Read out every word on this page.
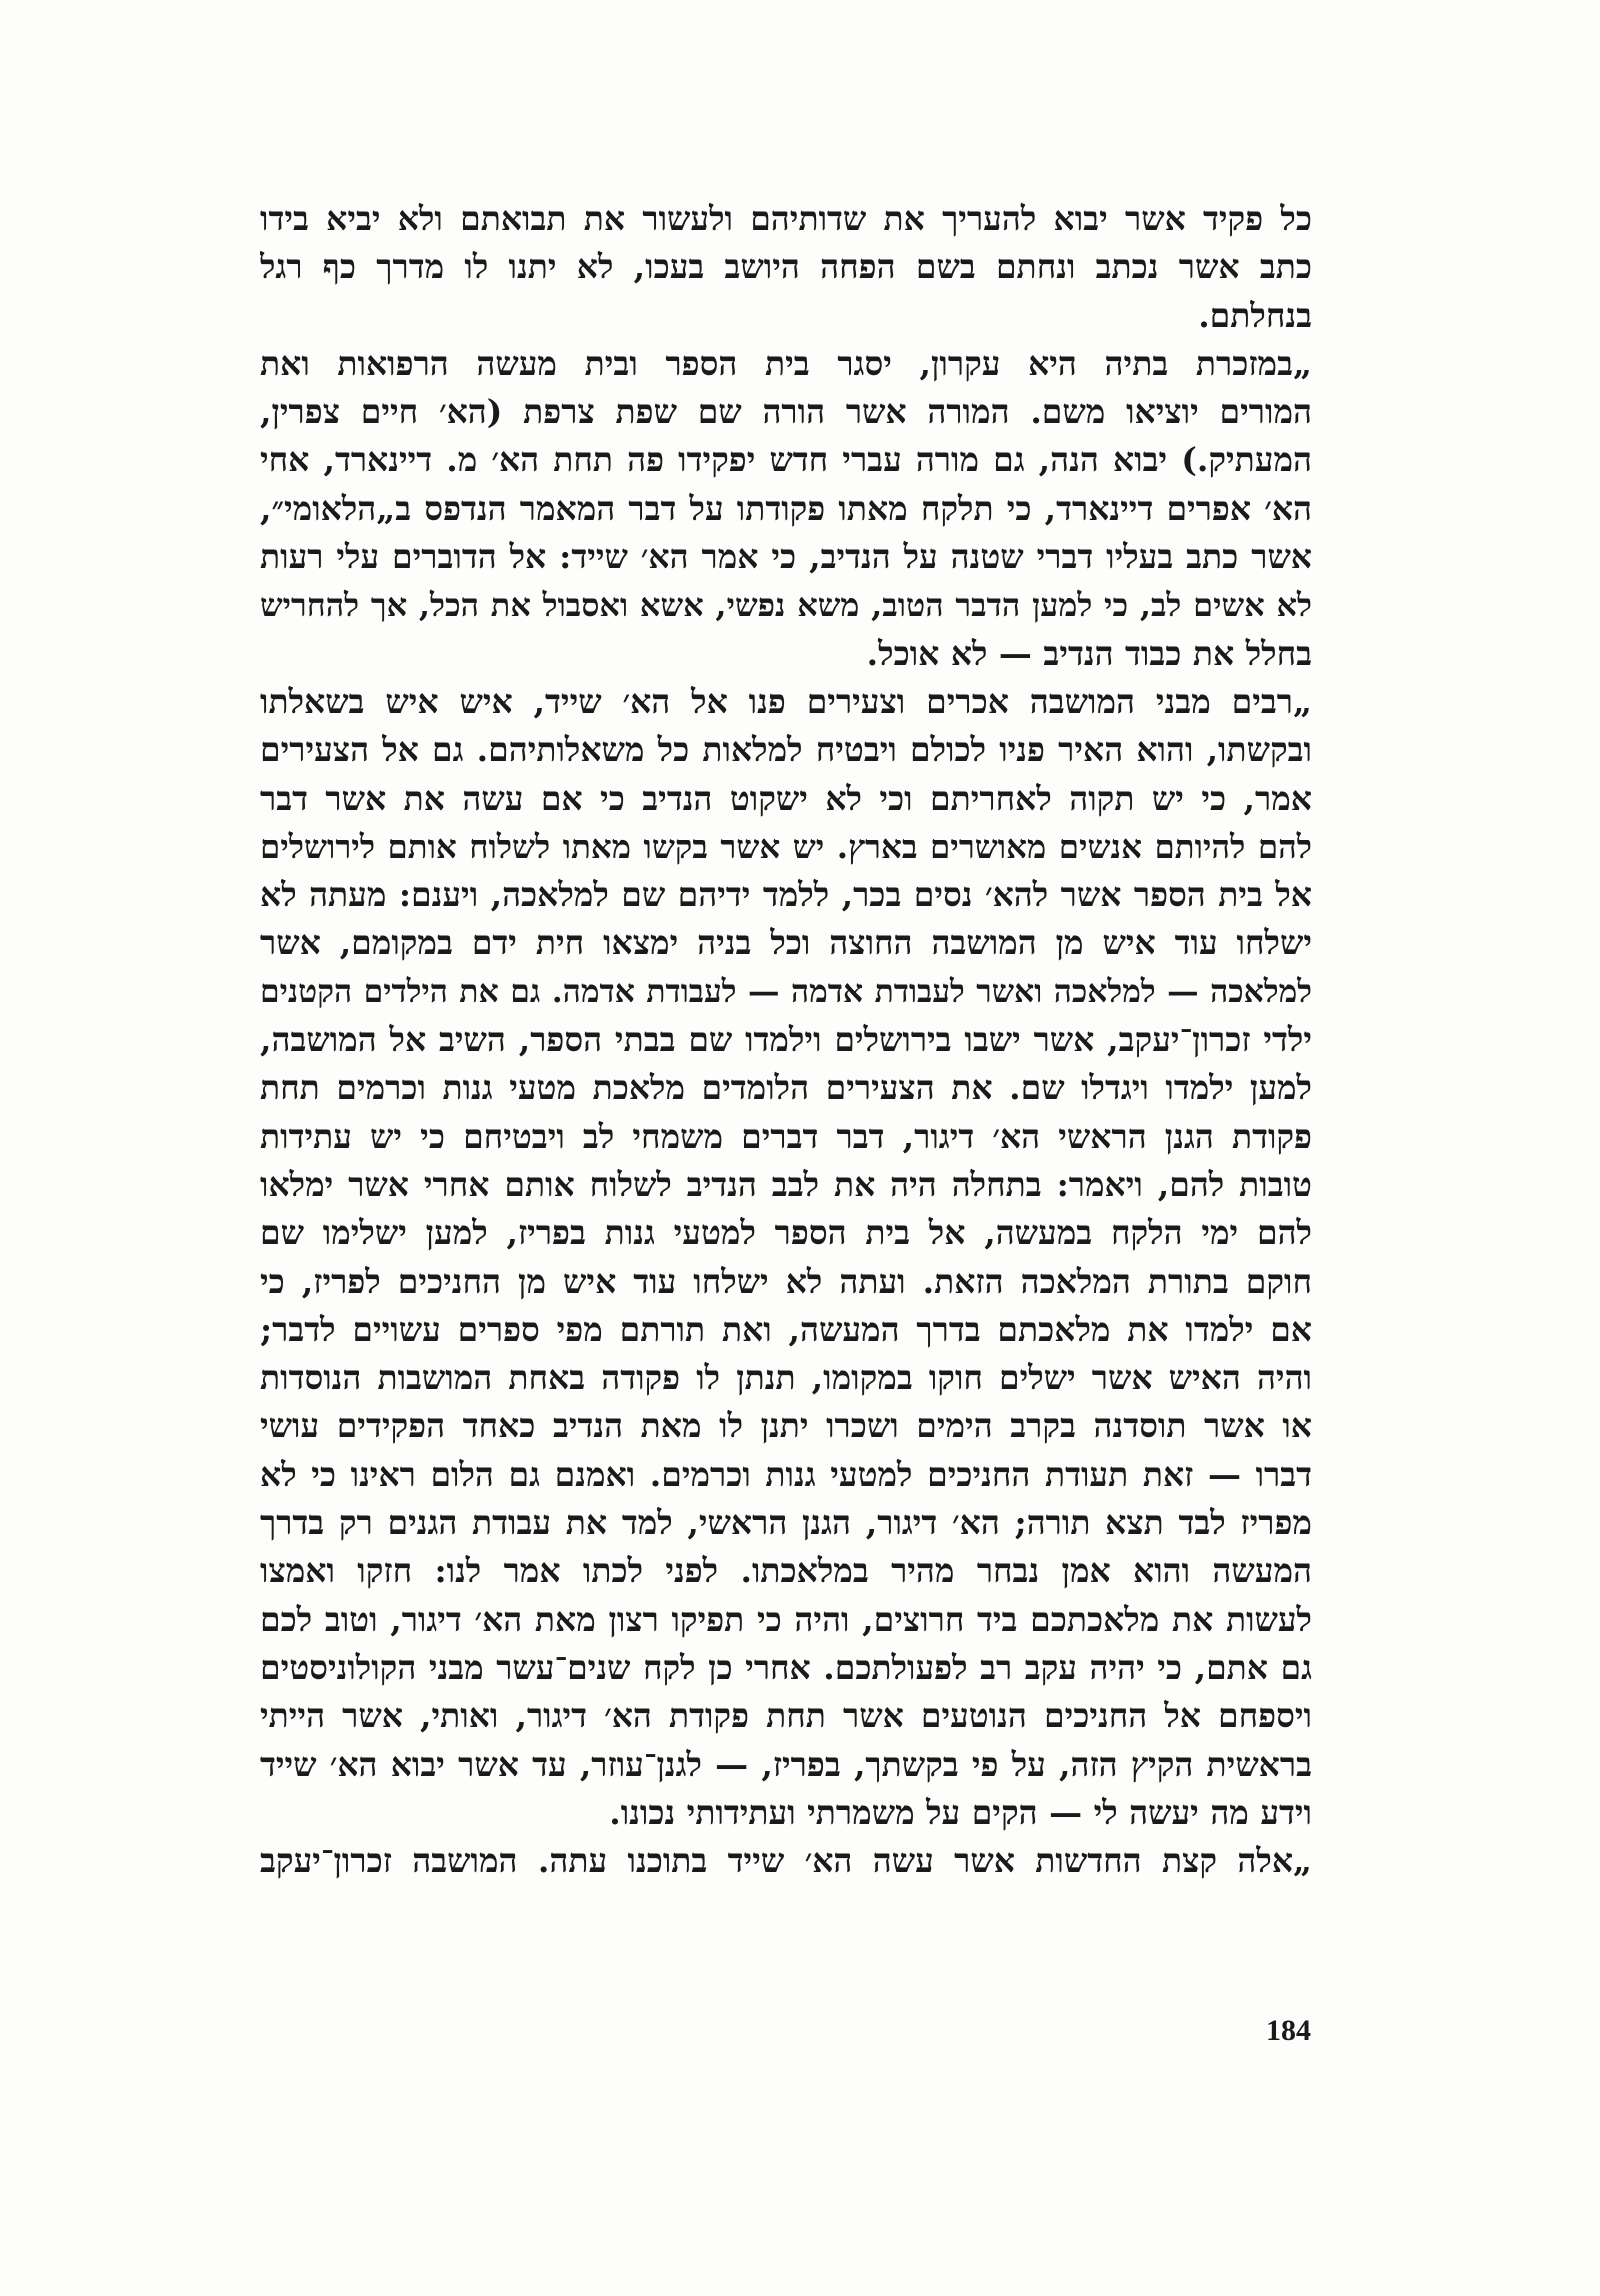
כל פקיד אשר יבוא להעריך את שדותיהם ולעשור את תבואתם ולא יביא בידו
כתב אשר נכתב ונחתם בשם הפחה היושב בעכו, לא יתנו לו מדרך כף רגל
בנחלתם.
„במזכרת בתיה היא עקרון, יסגר בית הספר ובית מעשה הרפואות ואת
המורים יוציאו משם. המורה אשר הורה שם שפת צרפת (הא׳ חיים צפרין,
המעתיק.) יבוא הנה, גם מורה עברי חדש יפקידו פה תחת הא׳ מ. דיינארד, אחי
הא׳ אפרים דיינארד, כי תלקח מאתו פקודתו על דבר המאמר הנדפס ב„הלאומי״,
אשר כתב בעליו דברי שטנה על הנדיב, כי אמר הא׳ שייד: אל הדוברים עלי רעות
לא אשים לב, כי למען הדבר הטוב, משא נפשי, אשא ואסבול את הכל, אך להחריש
בחלל את כבוד הנדיב — לא אוכל.
„רבים מבני המושבה אכרים וצעירים פנו אל הא׳ שייד, איש איש בשאלתו
ובקשתו, והוא האיר פניו לכולם ויבטיח למלאות כל משאלותיהם. גם אל הצעירים
אמר, כי יש תקוה לאחריתם וכי לא ישקוט הנדיב כי אם עשה את אשר דבר
להם להיותם אנשים מאושרים בארץ. יש אשר בקשו מאתו לשלוח אותם לירושלים
אל בית הספר אשר להא׳ נסים בכר, ללמד ידיהם שם למלאכה, ויענם: מעתה לא
ישלחו עוד איש מן המושבה החוצה וכל בניה ימצאו חית ידם במקומם, אשר
למלאכה — למלאכה ואשר לעבודת אדמה — לעבודת אדמה. גם את הילדים הקטנים
ילדי זכרון־יעקב, אשר ישבו בירושלים וילמדו שם בבתי הספר, השיב אל המושבה,
למען ילמדו ויגדלו שם. את הצעירים הלומדים מלאכת מטעי גנות וכרמים תחת
פקודת הגנן הראשי הא׳ דיגור, דבר דברים משמחי לב ויבטיחם כי יש עתידות
טובות להם, ויאמר: בתחלה היה את לבב הנדיב לשלוח אותם אחרי אשר ימלאו
להם ימי הלקח במעשה, אל בית הספר למטעי גנות בפריז, למען ישלימו שם
חוקם בתורת המלאכה הזאת. ועתה לא ישלחו עוד איש מן החניכים לפריז, כי
אם ילמדו את מלאכתם בדרך המעשה, ואת תורתם מפי ספרים עשויים לדבר;
והיה האיש אשר ישלים חוקו במקומו, תנתן לו פקודה באחת המושבות הנוסדות
או אשר תוסדנה בקרב הימים ושכרו יתנן לו מאת הנדיב כאחד הפקידים עושי
דברו — זאת תעודת החניכים למטעי גנות וכרמים. ואמנם גם הלום ראינו כי לא
מפריז לבד תצא תורה; הא׳ דיגור, הגנן הראשי, למד את עבודת הגנים רק בדרך
המעשה והוא אמן נבחר מהיר במלאכתו. לפני לכתו אמר לנו: חזקו ואמצו
לעשות את מלאכתכם ביד חרוצים, והיה כי תפיקו רצון מאת הא׳ דיגור, וטוב לכם
גם אתם, כי יהיה עקב רב לפעולתכם. אחרי כן לקח שנים־עשר מבני הקולוניסטים
ויספחם אל החניכים הנוטעים אשר תחת פקודת הא׳ דיגור, ואותי, אשר הייתי
בראשית הקיץ הזה, על פי בקשתך, בפריז, — לגנן־עוזר, עד אשר יבוא הא׳ שייד
וידע מה יעשה לי — הקים על משמרתי ועתידותי נכונו.
„אלה קצת החדשות אשר עשה הא׳ שייד בתוכנו עתה. המושבה זכרון־יעקב
184
